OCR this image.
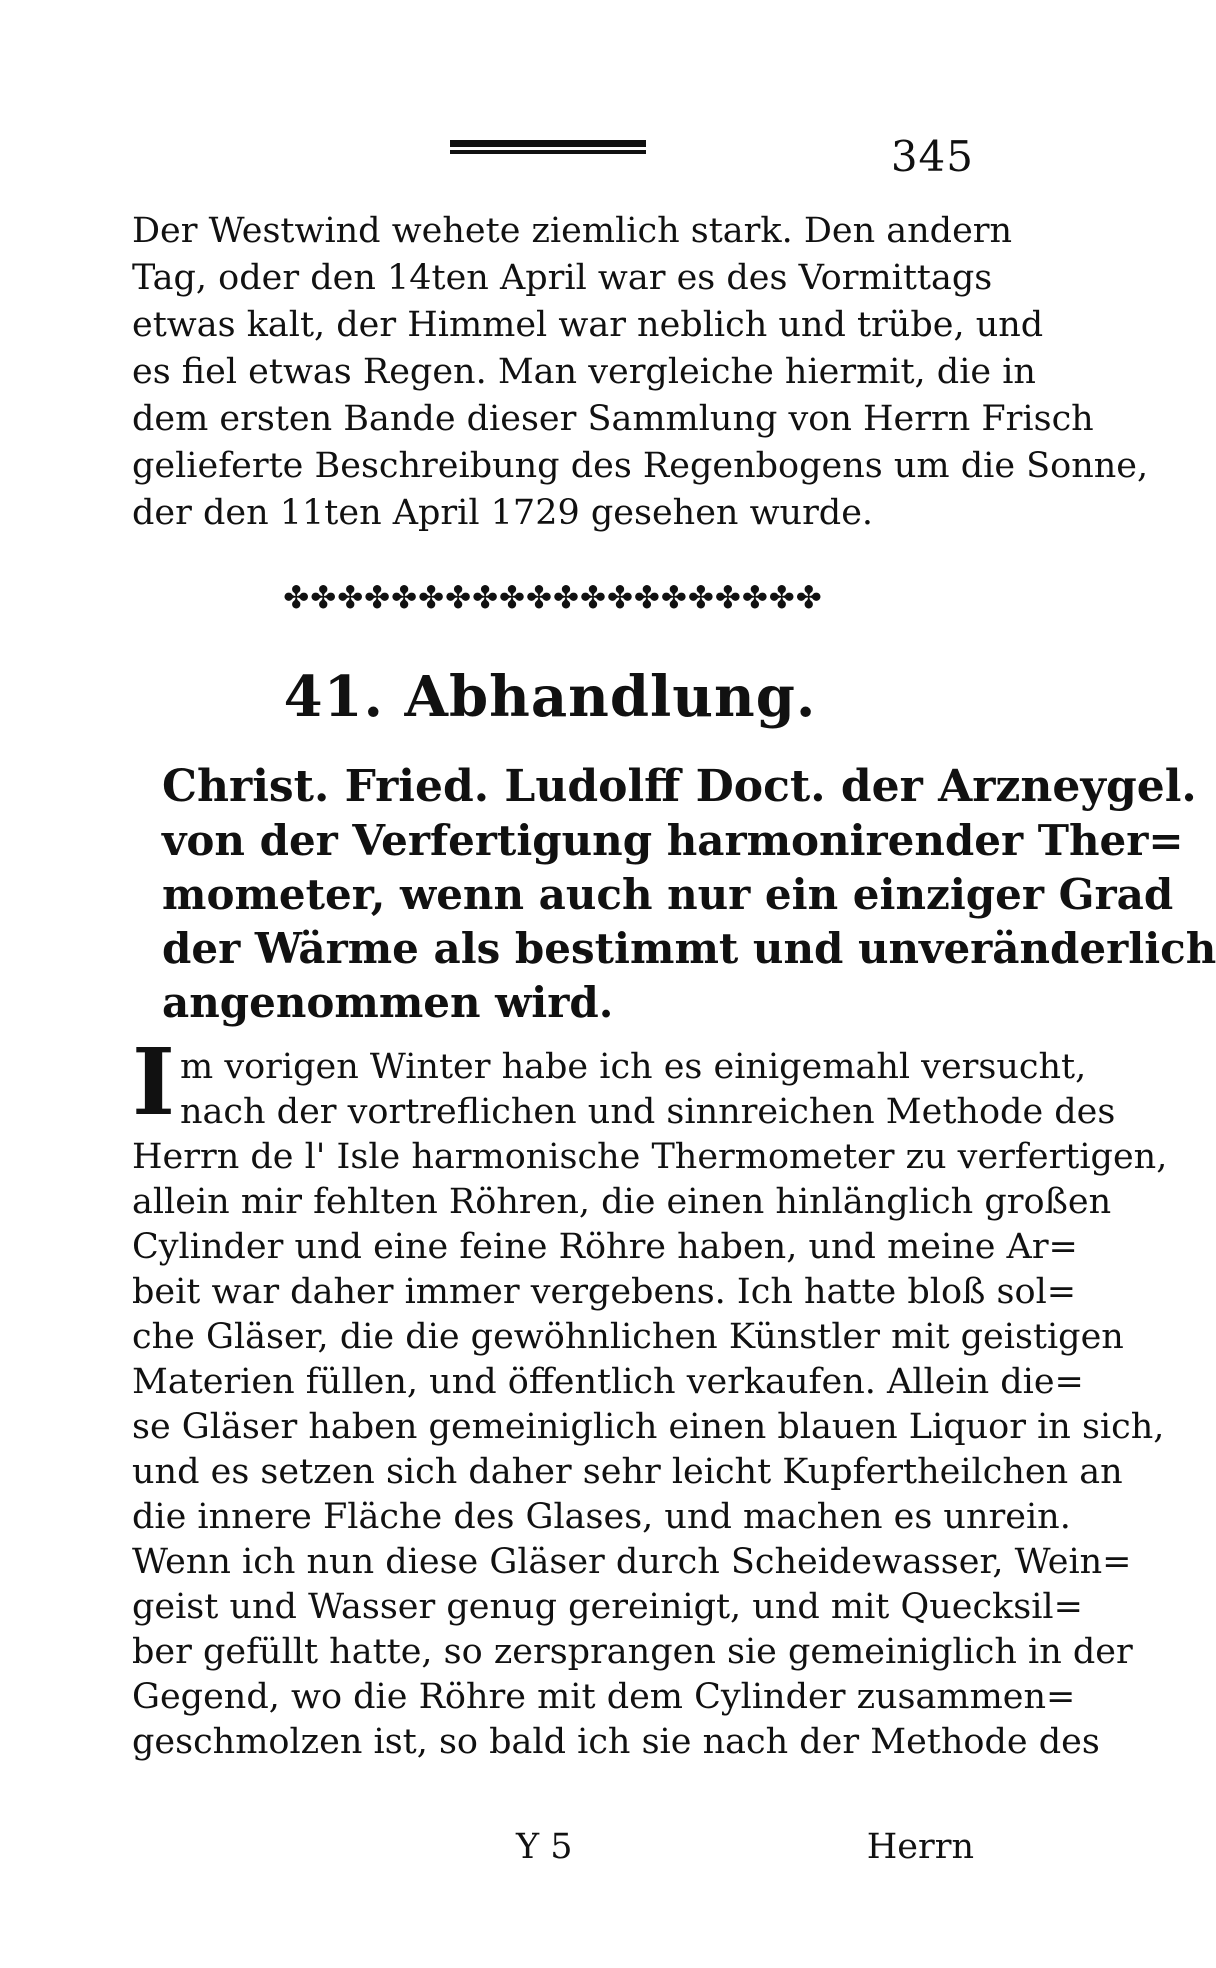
345
Der Westwind wehete ziemlich stark. Den andern
Tag, oder den 14ten April war es des Vormittags
etwas kalt, der Himmel war neblich und trübe, und
es fiel etwas Regen. Man vergleiche hiermit, die in
dem ersten Bande dieser Sammlung von Herrn Frisch
gelieferte Beschreibung des Regenbogens um die Sonne,
der den 11ten April 1729 gesehen wurde.
✤✤✤✤✤✤✤✤✤✤✤✤✤✤✤✤✤✤✤✤
41. Abhandlung.
Christ. Fried. Ludolff Doct. der Arzneygel.
von der Verfertigung harmonirender Ther=
mometer, wenn auch nur ein einziger Grad
der Wärme als bestimmt und unveränderlich
angenommen wird.
I m vorigen Winter habe ich es einigemahl versucht,
nach der vortreflichen und sinnreichen Methode des
Herrn de l' Isle harmonische Thermometer zu verfertigen,
allein mir fehlten Röhren, die einen hinlänglich großen
Cylinder und eine feine Röhre haben, und meine Ar=
beit war daher immer vergebens. Ich hatte bloß sol=
che Gläser, die die gewöhnlichen Künstler mit geistigen
Materien füllen, und öffentlich verkaufen. Allein die=
se Gläser haben gemeiniglich einen blauen Liquor in sich,
und es setzen sich daher sehr leicht Kupfertheilchen an
die innere Fläche des Glases, und machen es unrein.
Wenn ich nun diese Gläser durch Scheidewasser, Wein=
geist und Wasser genug gereinigt, und mit Quecksil=
ber gefüllt hatte, so zersprangen sie gemeiniglich in der
Gegend, wo die Röhre mit dem Cylinder zusammen=
geschmolzen ist, so bald ich sie nach der Methode des
Y 5	Herrn
